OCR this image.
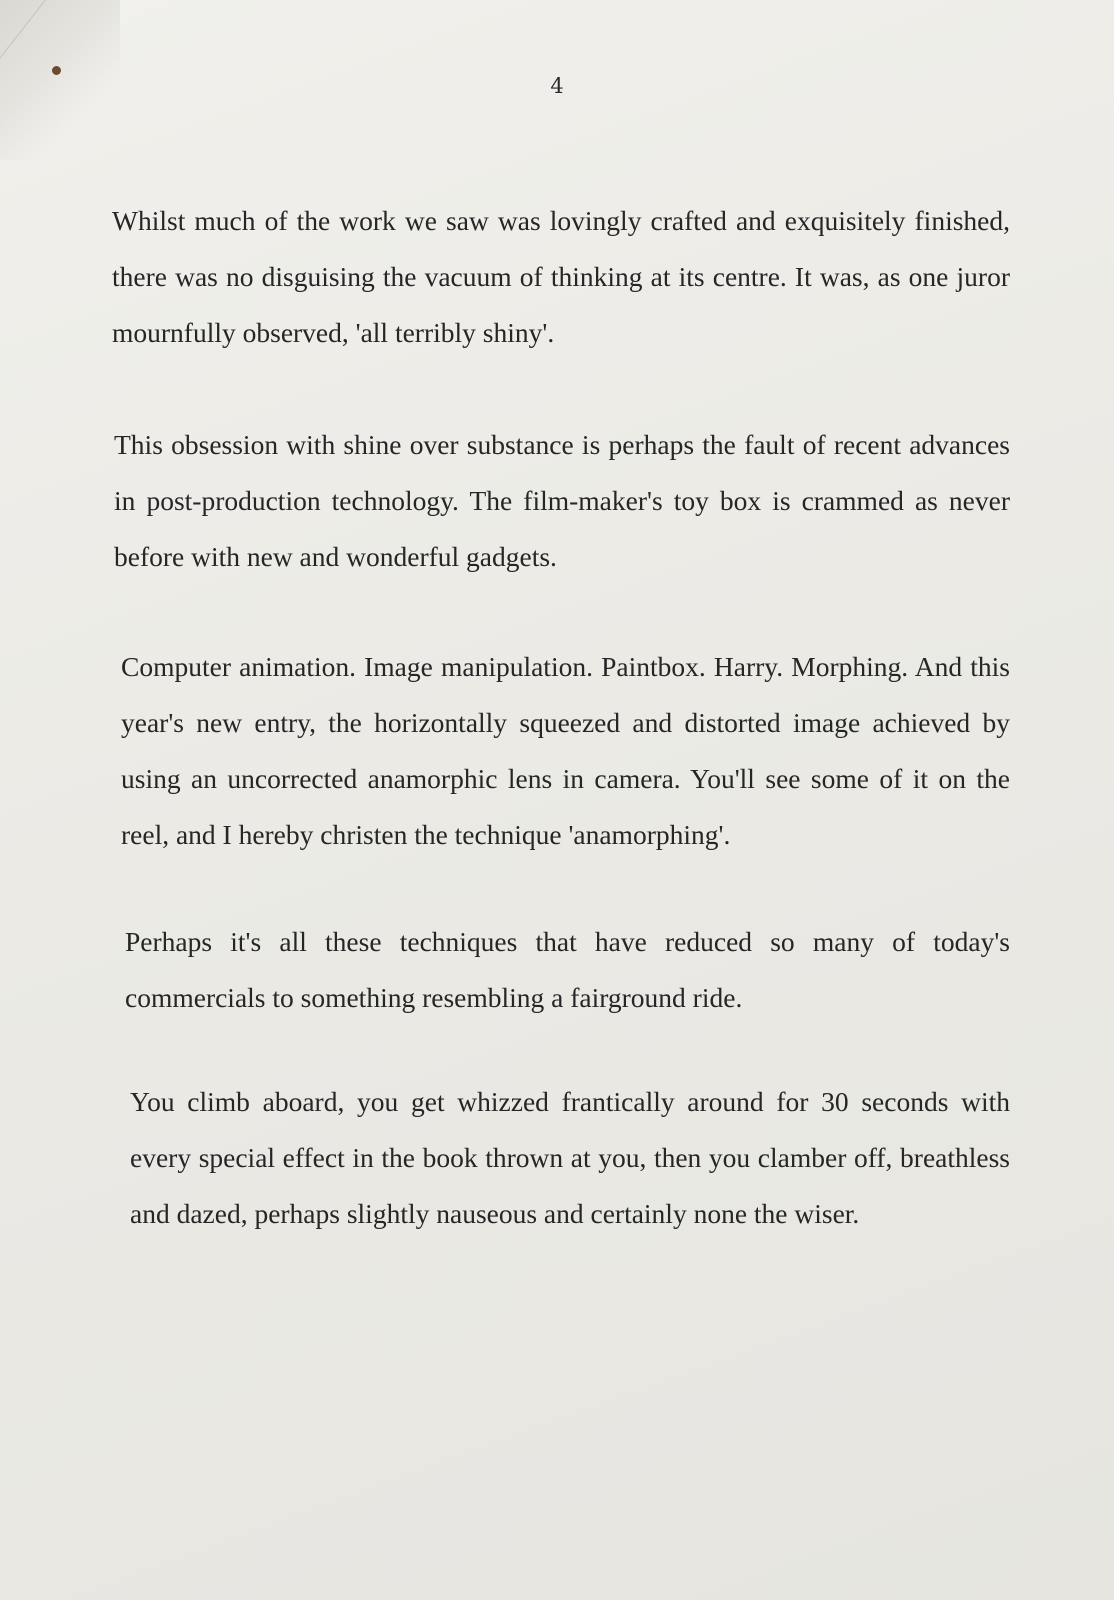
4

Whilst much of the work we saw was lovingly crafted and exquisitely finished, there was no disguising the vacuum of thinking at its centre. It was, as one juror mournfully observed, 'all terribly shiny'.

This obsession with shine over substance is perhaps the fault of recent advances in post-production technology. The film-maker's toy box is crammed as never before with new and wonderful gadgets.

Computer animation. Image manipulation. Paintbox. Harry. Morphing. And this year's new entry, the horizontally squeezed and distorted image achieved by using an uncorrected anamorphic lens in camera. You'll see some of it on the reel, and I hereby christen the technique 'anamorphing'.

Perhaps it's all these techniques that have reduced so many of today's commercials to something resembling a fairground ride.

You climb aboard, you get whizzed frantically around for 30 seconds with every special effect in the book thrown at you, then you clamber off, breathless and dazed, perhaps slightly nauseous and certainly none the wiser.
